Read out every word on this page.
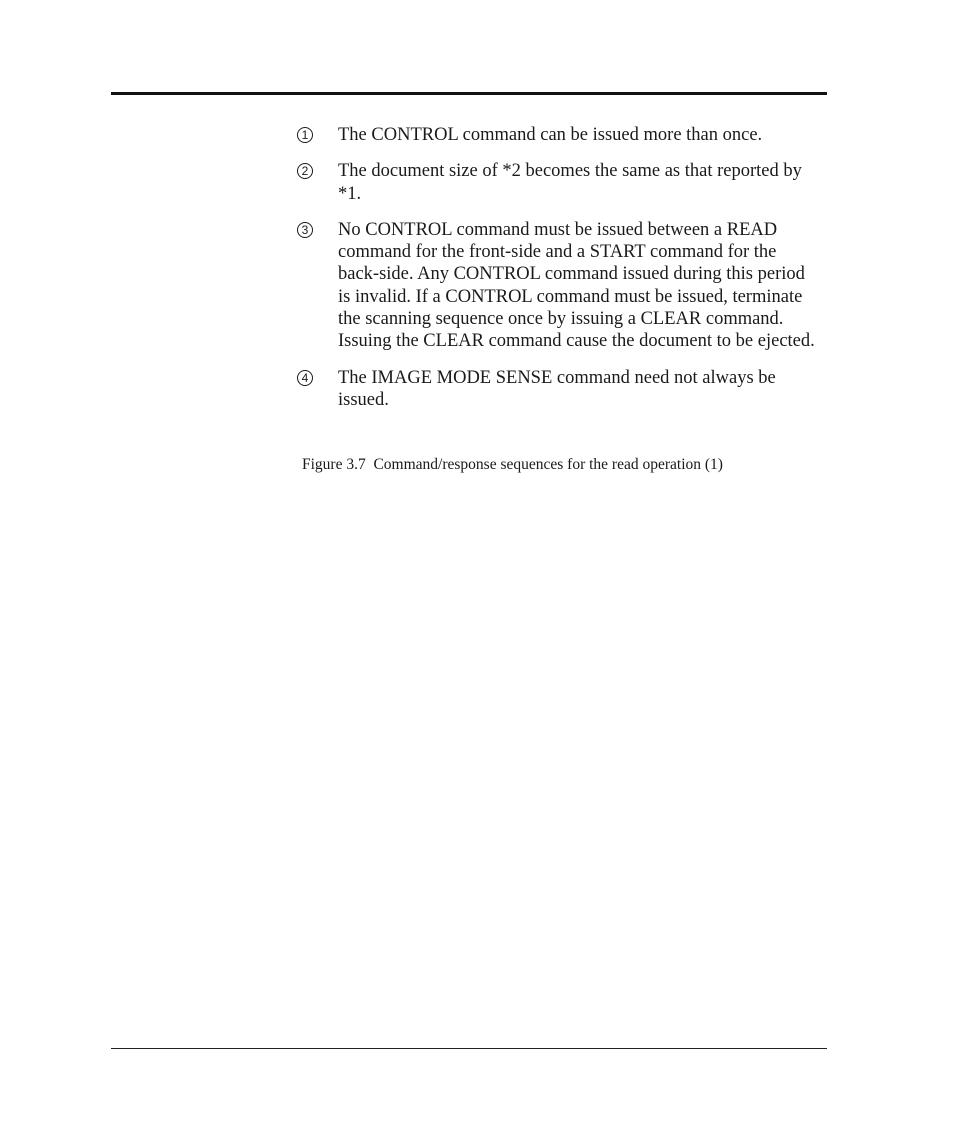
1 The CONTROL command can be issued more than once.
2 The document size of *2 becomes the same as that reported by *1.
3 No CONTROL command must be issued between a READ command for the front-side and a START command for the back-side. Any CONTROL command issued during this period is invalid. If a CONTROL command must be issued, terminate the scanning sequence once by issuing a CLEAR command. Issuing the CLEAR command cause the document to be ejected.
4 The IMAGE MODE SENSE command need not always be issued.
Figure 3.7  Command/response sequences for the read operation (1)
